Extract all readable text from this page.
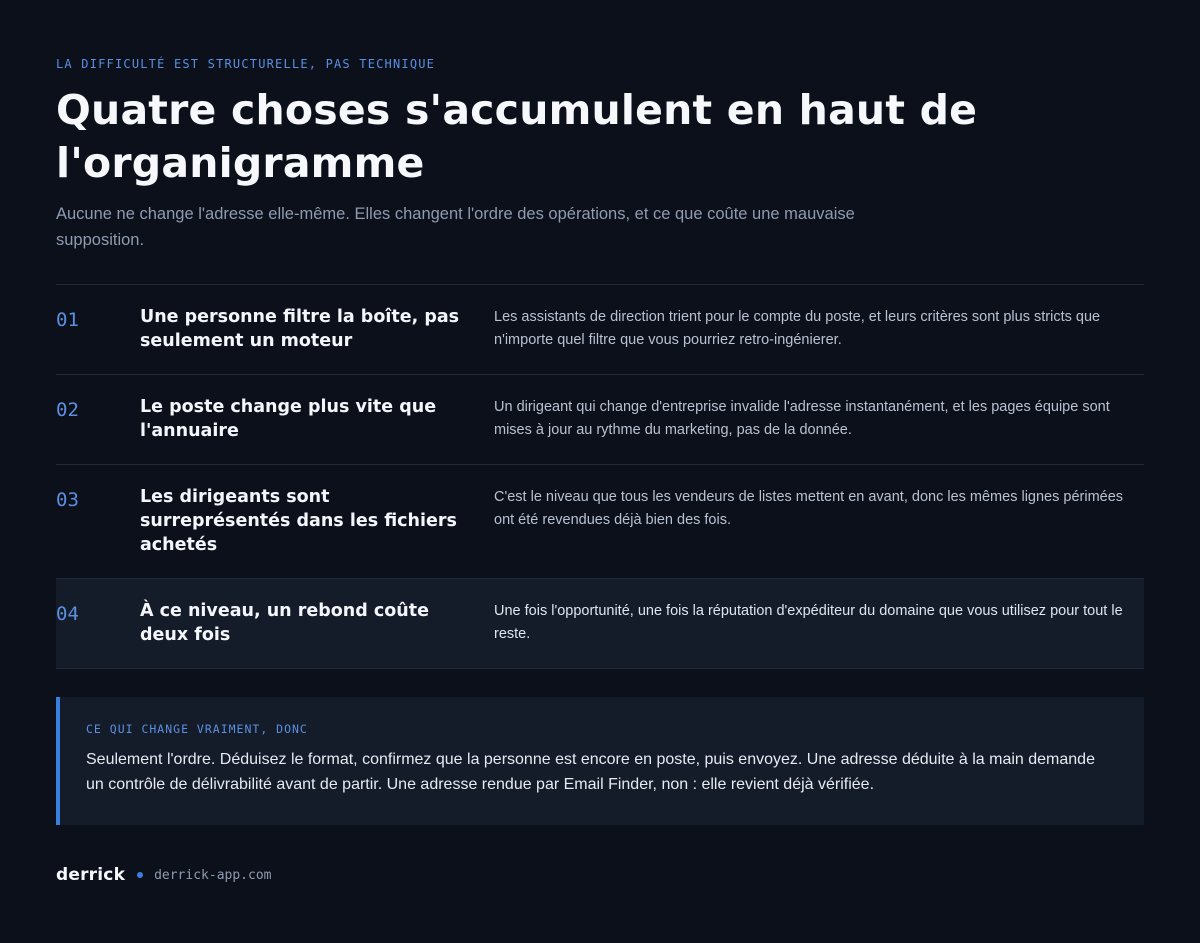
LA DIFFICULTÉ EST STRUCTURELLE, PAS TECHNIQUE
Quatre choses s'accumulent en haut de l'organigramme

Aucune ne change l'adresse elle-même. Elles changent l'ordre des opérations, et ce que coûte une mauvaise supposition.

01	Une personne filtre la boîte, pas seulement un moteur
Les assistants de direction trient pour le compte du poste, et leurs critères sont plus stricts que n'importe quel filtre que vous pourriez retro-ingénierer.
02	Le poste change plus vite que l'annuaire
Un dirigeant qui change d'entreprise invalide l'adresse instantanément, et les pages équipe sont mises à jour au rythme du marketing, pas de la donnée.
03	Les dirigeants sont surreprésentés dans les fichiers achetés
C'est le niveau que tous les vendeurs de listes mettent en avant, donc les mêmes lignes périmées ont été revendues déjà bien des fois.
04	À ce niveau, un rebond coûte deux fois
Une fois l'opportunité, une fois la réputation d'expéditeur du domaine que vous utilisez pour tout le reste.
CE QUI CHANGE VRAIMENT, DONC
Seulement l'ordre. Déduisez le format, confirmez que la personne est encore en poste, puis envoyez. Une adresse déduite à la main demande un contrôle de délivrabilité avant de partir. Une adresse rendue par Email Finder, non : elle revient déjà vérifiée.
derrick derrick-app.com
